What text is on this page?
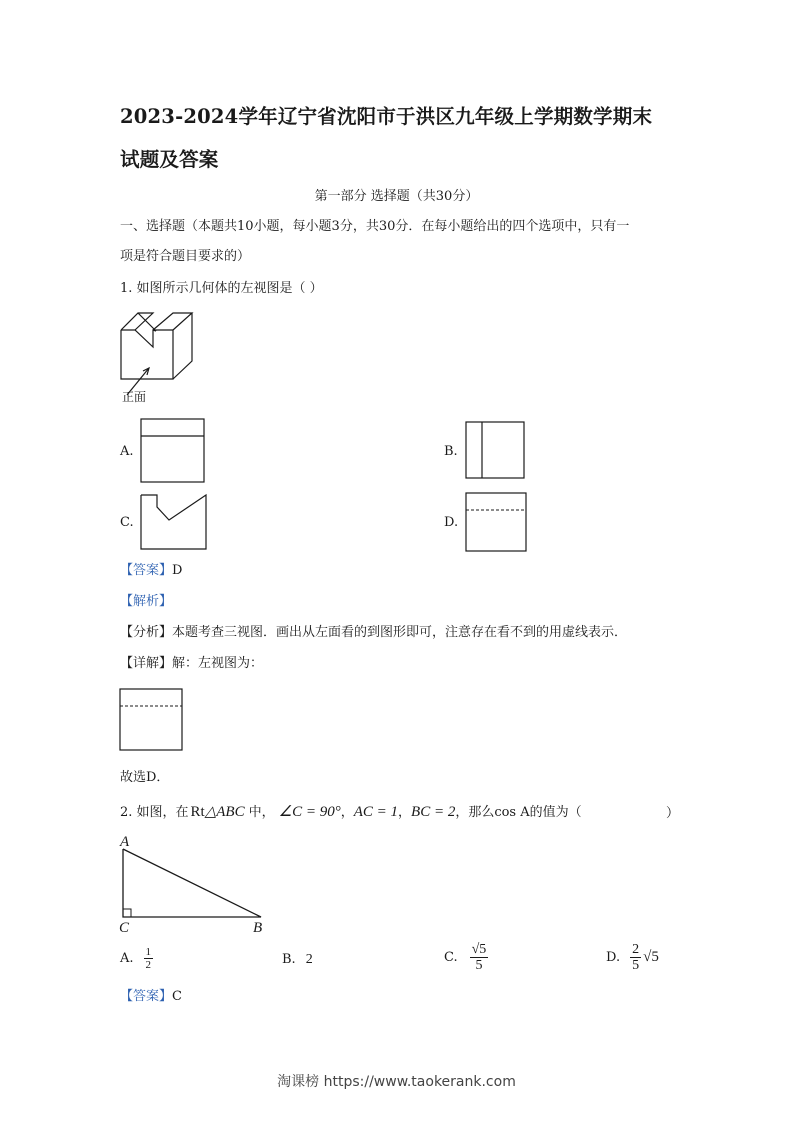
2023-2024学年辽宁省沈阳市于洪区九年级上学期数学期末
试题及答案
第一部分 选择题（共30分）
一、选择题（本题共10小题，每小题3分，共30分．在每小题给出的四个选项中，只有一
项是符合题目要求的）
1. 如图所示几何体的左视图是（ ）
正面
A.	B.
C.	D.
【答案】D
【解析】
【分析】本题考查三视图．画出从左面看的到图形即可，注意存在看不到的用虚线表示．
【详解】解：左视图为：
故选D．
2. 如图，在 Rt △ABC 中， ∠C = 90° ， AC = 1 ， BC = 2 ，那么cos A的值为（	）
A
C	B
A. $\frac{1}{2}$	B. 2	C. $\frac{√5}{5}$	D. $\frac{2}{5} √5$
【答案】C
淘课榜 https://www.taokerank.com
